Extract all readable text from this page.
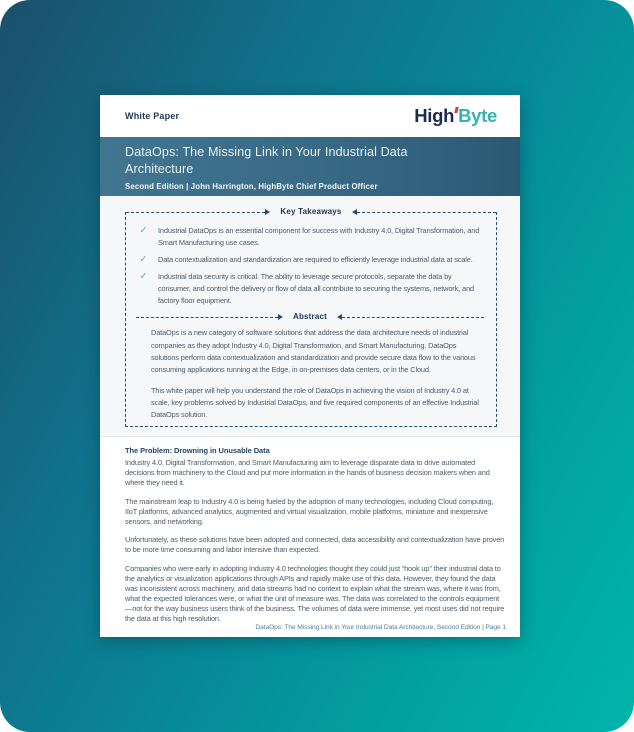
White Paper	High Byte
DataOps: The Missing Link in Your Industrial Data Architecture
Second Edition | John Harrington, HighByte Chief Product Officer
Key Takeaways
✓	Industrial DataOps is an essential component for success with Industry 4.0, Digital Transformation, and Smart Manufacturing use cases.
✓	Data contextualization and standardization are required to efficiently leverage industrial data at scale.
✓	Industrial data security is critical. The ability to leverage secure protocols, separate the data by consumer, and control the delivery or flow of data all contribute to securing the systems, network, and factory floor equipment.
Abstract

DataOps is a new category of software solutions that address the data architecture needs of industrial companies as they adopt Industry 4.0, Digital Transformation, and Smart Manufacturing. DataOps solutions perform data contextualization and standardization and provide secure data flow to the various consuming applications running at the Edge, in on-premises data centers, or in the Cloud.

This white paper will help you understand the role of DataOps in achieving the vision of Industry 4.0 at scale, key problems solved by Industrial DataOps, and five required components of an effective Industrial DataOps solution.

The Problem: Drowning in Unusable Data

Industry 4.0, Digital Transformation, and Smart Manufacturing aim to leverage disparate data to drive automated decisions from machinery to the Cloud and put more information in the hands of business decision makers when and where they need it.

The mainstream leap to Industry 4.0 is being fueled by the adoption of many technologies, including Cloud computing, IIoT platforms, advanced analytics, augmented and virtual visualization, mobile platforms, miniature and inexpensive sensors, and networking.

Unfortunately, as these solutions have been adopted and connected, data accessibility and contextualization have proven to be more time consuming and labor intensive than expected.

Companies who were early in adopting Industry 4.0 technologies thought they could just “hook up” their industrial data to the analytics or visualization applications through APIs and rapidly make use of this data. However, they found the data was inconsistent across machinery, and data streams had no context to explain what the stream was, where it was from, what the expected tolerances were, or what the unit of measure was. The data was correlated to the controls equipment—not for the way business users think of the business. The volumes of data were immense, yet most uses did not require the data at this high resolution.

DataOps: The Missing Link in Your Industrial Data Architecture, Second Edition | Page 1
